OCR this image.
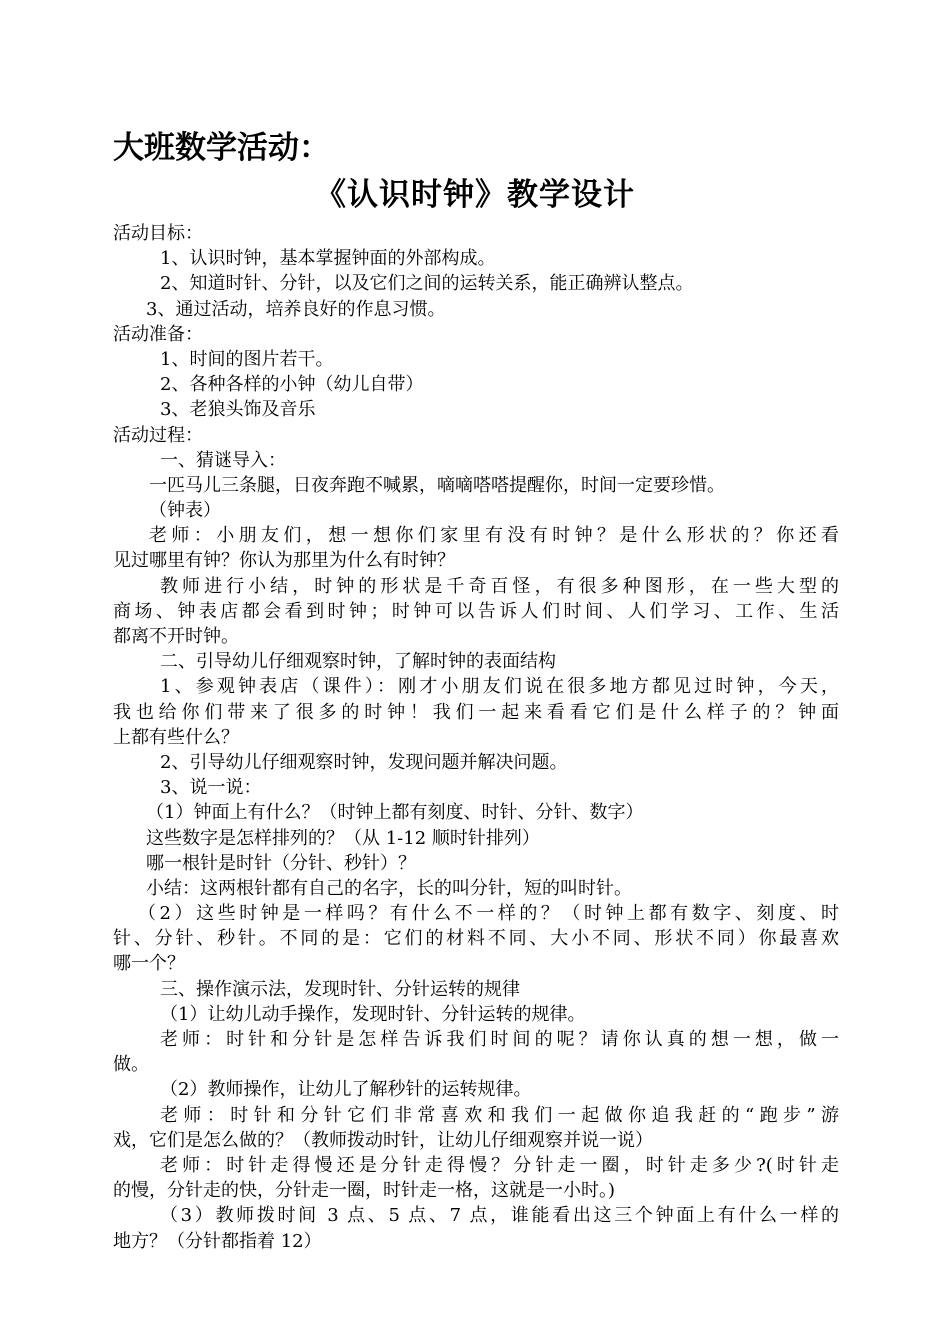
大班数学活动：
《认识时钟》教学设计
活动目标：
1、认识时钟，基本掌握钟面的外部构成。
2、知道时针、分针，以及它们之间的运转关系，能正确辨认整点。
3、通过活动，培养良好的作息习惯。
活动准备：
1、时间的图片若干。
2、各种各样的小钟（幼儿自带）
3、老狼头饰及音乐
活动过程：
一、猜谜导入：
一匹马儿三条腿，日夜奔跑不喊累，嘀嘀嗒嗒提醒你，时间一定要珍惜。
（钟表）
老师：小朋友们，想一想你们家里有没有时钟？是什么形状的？你还看
见过哪里有钟？你认为那里为什么有时钟？
教师进行小结，时钟的形状是千奇百怪，有很多种图形，在一些大型的
商场、钟表店都会看到时钟；时钟可以告诉人们时间、人们学习、工作、生活
都离不开时钟。
二、引导幼儿仔细观察时钟，了解时钟的表面结构
1、参观钟表店（课件）：刚才小朋友们说在很多地方都见过时钟，今天，
我也给你们带来了很多的时钟！我们一起来看看它们是什么样子的？钟面
上都有些什么？
2、引导幼儿仔细观察时钟，发现问题并解决问题。
3、说一说：
（1）钟面上有什么？（时钟上都有刻度、时针、分针、数字）
这些数字是怎样排列的？（从 1-12 顺时针排列）
哪一根针是时针（分针、秒针）？
小结：这两根针都有自己的名字，长的叫分针，短的叫时针。
（2）这些时钟是一样吗？有什么不一样的？（时钟上都有数字、刻度、时
针、分针、秒针。不同的是：它们的材料不同、大小不同、形状不同）你最喜欢
哪一个？
三、操作演示法，发现时针、分针运转的规律
（1）让幼儿动手操作，发现时针、分针运转的规律。
老师：时针和分针是怎样告诉我们时间的呢？请你认真的想一想，做一
做。
（2）教师操作，让幼儿了解秒针的运转规律。
老师：时针和分针它们非常喜欢和我们一起做你追我赶的“跑步”游
戏，它们是怎么做的？（教师拨动时针，让幼儿仔细观察并说一说）
老师：时针走得慢还是分针走得慢？分针走一圈，时针走多少?(时针走
的慢，分针走的快，分针走一圈，时针走一格，这就是一小时。)
（3）教师拨时间 3 点、5 点、7 点，谁能看出这三个钟面上有什么一样的
地方？（分针都指着 12）
